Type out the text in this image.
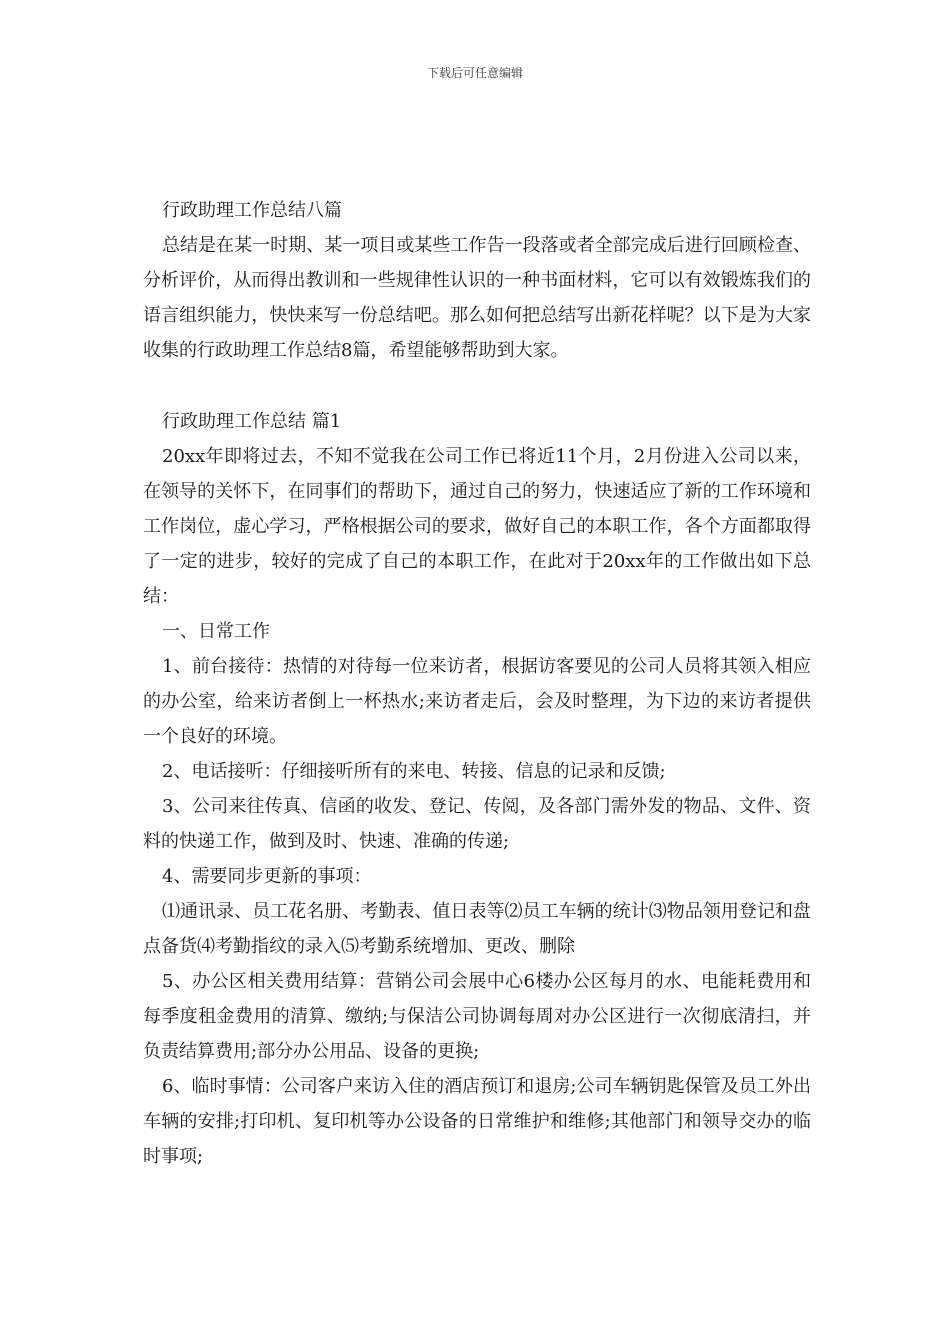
下载后可任意编辑

行政助理工作总结八篇

总结是在某一时期、某一项目或某些工作告一段落或者全部完成后进行回顾检查、分析评价，从而得出教训和一些规律性认识的一种书面材料，它可以有效锻炼我们的语言组织能力，快快来写一份总结吧。那么如何把总结写出新花样呢？以下是为大家收集的行政助理工作总结8篇，希望能够帮助到大家。

行政助理工作总结 篇1

20xx年即将过去，不知不觉我在公司工作已将近11个月，2月份进入公司以来，在领导的关怀下，在同事们的帮助下，通过自己的努力，快速适应了新的工作环境和工作岗位，虚心学习，严格根据公司的要求，做好自己的本职工作，各个方面都取得了一定的进步，较好的完成了自己的本职工作，在此对于20xx年的工作做出如下总结：

一、日常工作

1、前台接待：热情的对待每一位来访者，根据访客要见的公司人员将其领入相应的办公室，给来访者倒上一杯热水;来访者走后，会及时整理，为下边的来访者提供一个良好的环境。

2、电话接听：仔细接听所有的来电、转接、信息的记录和反馈;

3、公司来往传真、信函的收发、登记、传阅，及各部门需外发的物品、文件、资料的快递工作，做到及时、快速、准确的传递;

4、需要同步更新的事项：

⑴通讯录、员工花名册、考勤表、值日表等⑵员工车辆的统计⑶物品领用登记和盘点备货⑷考勤指纹的录入⑸考勤系统增加、更改、删除

5、办公区相关费用结算：营销公司会展中心6楼办公区每月的水、电能耗费用和每季度租金费用的清算、缴纳;与保洁公司协调每周对办公区进行一次彻底清扫，并负责结算费用;部分办公用品、设备的更换;

6、临时事情：公司客户来访入住的酒店预订和退房;公司车辆钥匙保管及员工外出车辆的安排;打印机、复印机等办公设备的日常维护和维修;其他部门和领导交办的临时事项;
